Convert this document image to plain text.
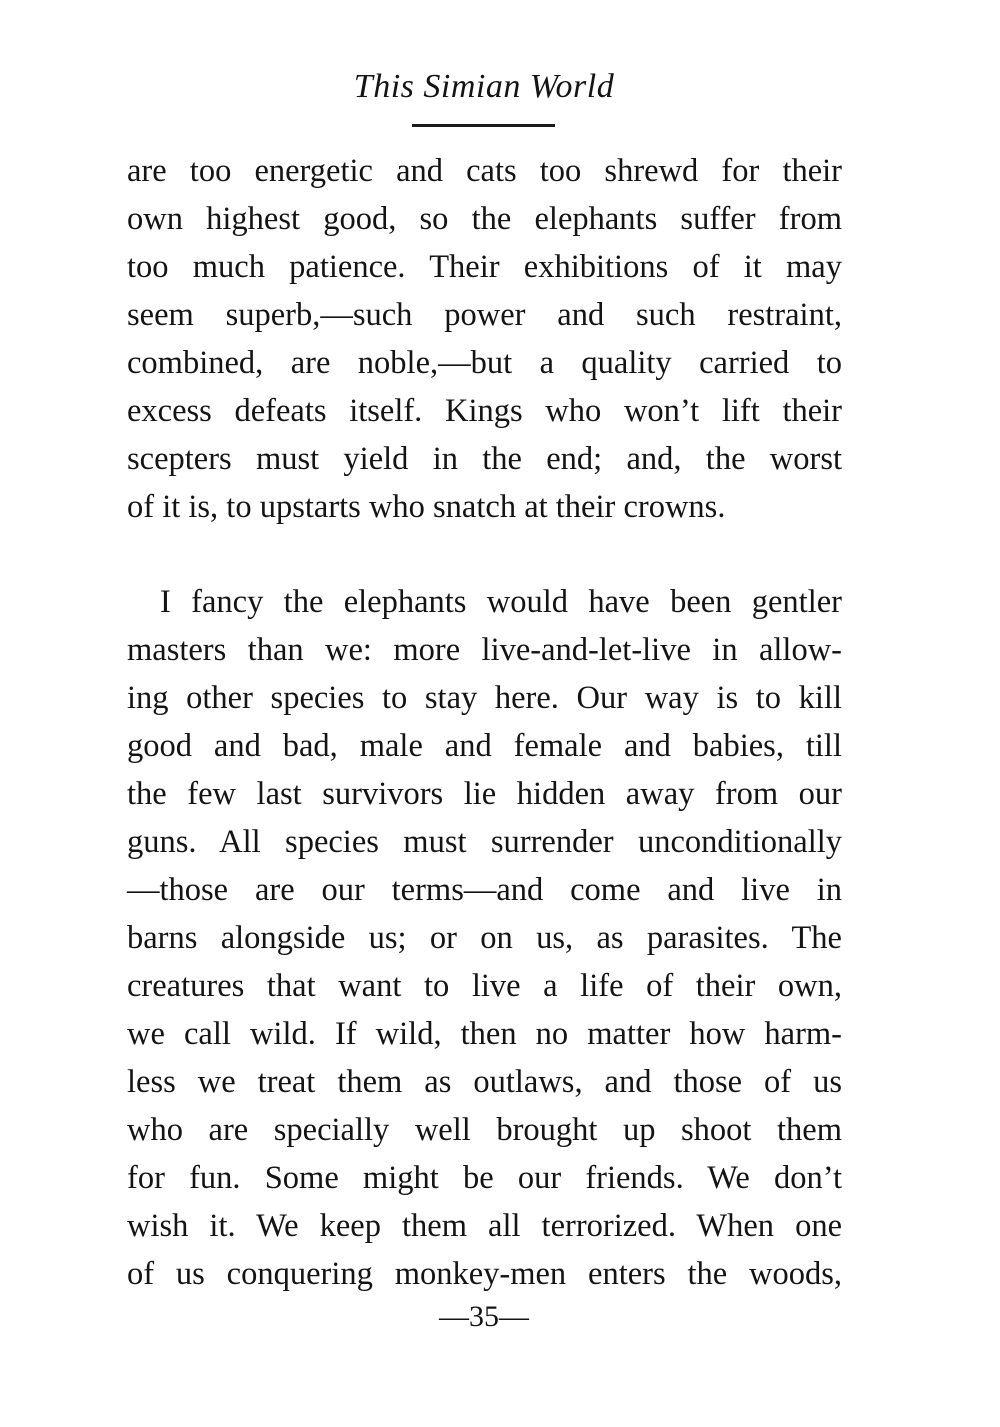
This Simian World
are too energetic and cats too shrewd for their
own highest good, so the elephants suffer from
too much patience. Their exhibitions of it may
seem superb,—such power and such restraint,
combined, are noble,—but a quality carried to
excess defeats itself. Kings who won’t lift their
scepters must yield in the end; and, the worst
of it is, to upstarts who snatch at their crowns.
I fancy the elephants would have been gentler
masters than we: more live-and-let-live in allow-
ing other species to stay here. Our way is to kill
good and bad, male and female and babies, till
the few last survivors lie hidden away from our
guns. All species must surrender unconditionally
—those are our terms—and come and live in
barns alongside us; or on us, as parasites. The
creatures that want to live a life of their own,
we call wild. If wild, then no matter how harm-
less we treat them as outlaws, and those of us
who are specially well brought up shoot them
for fun. Some might be our friends. We don’t
wish it. We keep them all terrorized. When one
of us conquering monkey-men enters the woods,
—35—
